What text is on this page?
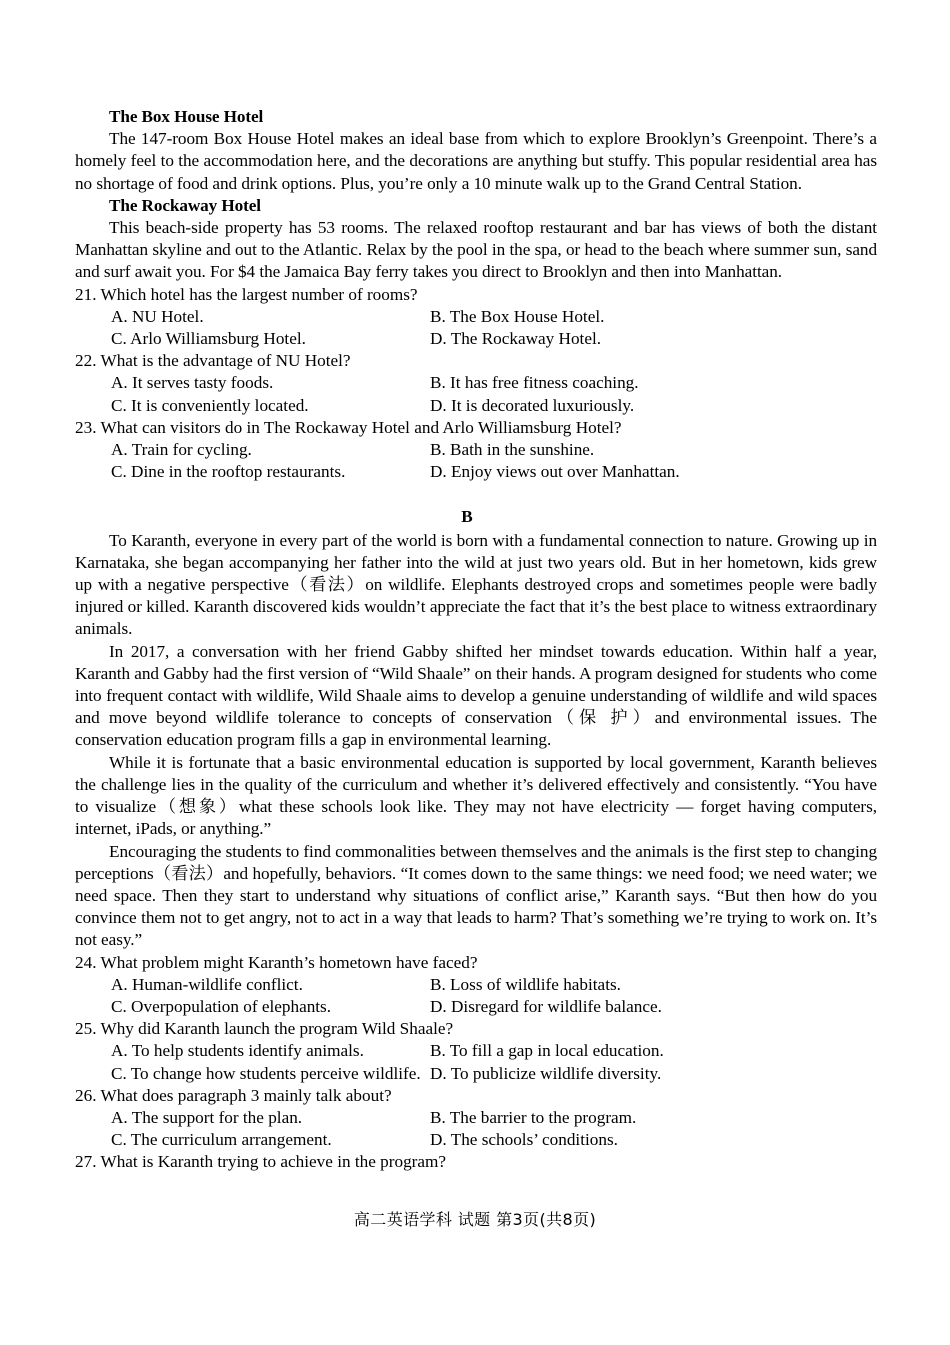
The Box House Hotel

The 147-room Box House Hotel makes an ideal base from which to explore Brooklyn’s Greenpoint. There’s a homely feel to the accommodation here, and the decorations are anything but stuffy. This popular residential area has no shortage of food and drink options. Plus, you’re only a 10 minute walk up to the Grand Central Station.

The Rockaway Hotel

This beach-side property has 53 rooms. The relaxed rooftop restaurant and bar has views of both the distant Manhattan skyline and out to the Atlantic. Relax by the pool in the spa, or head to the beach where summer sun, sand and surf await you. For $4 the Jamaica Bay ferry takes you direct to Brooklyn and then into Manhattan.

21. Which hotel has the largest number of rooms?
A. NU Hotel.	B. The Box House Hotel.
C. Arlo Williamsburg Hotel.	D. The Rockaway Hotel.
22. What is the advantage of NU Hotel?
A. It serves tasty foods.	B. It has free fitness coaching.
C. It is conveniently located.	D. It is decorated luxuriously.
23. What can visitors do in The Rockaway Hotel and Arlo Williamsburg Hotel?
A. Train for cycling.	B. Bath in the sunshine.
C. Dine in the rooftop restaurants.	D. Enjoy views out over Manhattan.
B

To Karanth, everyone in every part of the world is born with a fundamental connection to nature. Growing up in Karnataka, she began accompanying her father into the wild at just two years old. But in her hometown, kids grew up with a negative perspective（看法）on wildlife. Elephants destroyed crops and sometimes people were badly injured or killed. Karanth discovered kids wouldn’t appreciate the fact that it’s the best place to witness extraordinary animals.

In 2017, a conversation with her friend Gabby shifted her mindset towards education. Within half a year, Karanth and Gabby had the first version of “Wild Shaale” on their hands. A program designed for students who come into frequent contact with wildlife, Wild Shaale aims to develop a genuine understanding of wildlife and wild spaces and move beyond wildlife tolerance to concepts of conservation（保 护）and environmental issues. The conservation education program fills a gap in environmental learning.

While it is fortunate that a basic environmental education is supported by local government, Karanth believes the challenge lies in the quality of the curriculum and whether it’s delivered effectively and consistently. “You have to visualize（想象）what these schools look like. They may not have electricity — forget having computers, internet, iPads, or anything.”

Encouraging the students to find commonalities between themselves and the animals is the first step to changing perceptions（看法）and hopefully, behaviors. “It comes down to the same things: we need food; we need water; we need space. Then they start to understand why situations of conflict arise,” Karanth says. “But then how do you convince them not to get angry, not to act in a way that leads to harm? That’s something we’re trying to work on. It’s not easy.”

24. What problem might Karanth’s hometown have faced?
A. Human-wildlife conflict.	B. Loss of wildlife habitats.
C. Overpopulation of elephants.	D. Disregard for wildlife balance.
25. Why did Karanth launch the program Wild Shaale?
A. To help students identify animals.	B. To fill a gap in local education.
C. To change how students perceive wildlife. D. To publicize wildlife diversity.
26. What does paragraph 3 mainly talk about?
A. The support for the plan.	B. The barrier to the program.
C. The curriculum arrangement.	D. The schools’ conditions.
27. What is Karanth trying to achieve in the program?
高二英语学科 试题 第3页(共8页)
